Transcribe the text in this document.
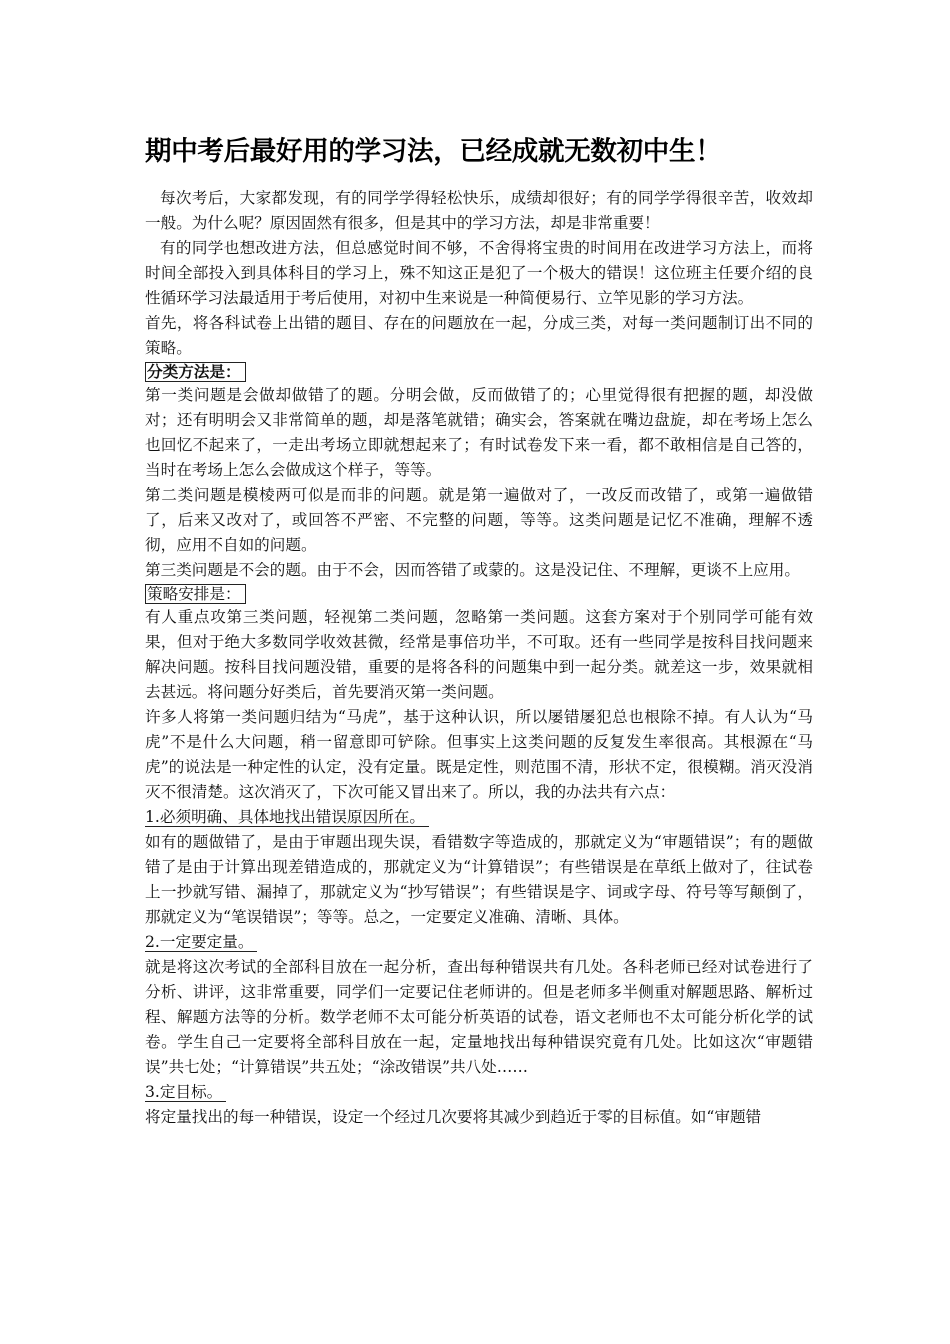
期中考后最好用的学习法，已经成就无数初中生！

每次考后，大家都发现，有的同学学得轻松快乐，成绩却很好；有的同学学得很辛苦，收效却一般。为什么呢？原因固然有很多，但是其中的学习方法，却是非常重要！

有的同学也想改进方法，但总感觉时间不够，不舍得将宝贵的时间用在改进学习方法上，而将时间全部投入到具体科目的学习上，殊不知这正是犯了一个极大的错误！这位班主任要介绍的良性循环学习法最适用于考后使用，对初中生来说是一种简便易行、立竿见影的学习方法。

首先，将各科试卷上出错的题目、存在的问题放在一起，分成三类，对每一类问题制订出不同的策略。

分类方法是：

第一类问题是会做却做错了的题。分明会做，反而做错了的；心里觉得很有把握的题，却没做对；还有明明会又非常简单的题，却是落笔就错；确实会，答案就在嘴边盘旋，却在考场上怎么也回忆不起来了，一走出考场立即就想起来了；有时试卷发下来一看，都不敢相信是自己答的，当时在考场上怎么会做成这个样子，等等。

第二类问题是模棱两可似是而非的问题。就是第一遍做对了，一改反而改错了，或第一遍做错了，后来又改对了，或回答不严密、不完整的问题，等等。这类问题是记忆不准确，理解不透彻，应用不自如的问题。

第三类问题是不会的题。由于不会，因而答错了或蒙的。这是没记住、不理解，更谈不上应用。

策略安排是：

有人重点攻第三类问题，轻视第二类问题，忽略第一类问题。这套方案对于个别同学可能有效果，但对于绝大多数同学收效甚微，经常是事倍功半，不可取。还有一些同学是按科目找问题来解决问题。按科目找问题没错，重要的是将各科的问题集中到一起分类。就差这一步，效果就相去甚远。将问题分好类后，首先要消灭第一类问题。

许多人将第一类问题归结为“马虎”，基于这种认识，所以屡错屡犯总也根除不掉。有人认为“马虎”不是什么大问题，稍一留意即可铲除。但事实上这类问题的反复发生率很高。其根源在“马虎”的说法是一种定性的认定，没有定量。既是定性，则范围不清，形状不定，很模糊。消灭没消灭不很清楚。这次消灭了，下次可能又冒出来了。所以，我的办法共有六点：

1.必须明确、具体地找出错误原因所在。

如有的题做错了，是由于审题出现失误，看错数字等造成的，那就定义为“审题错误”；有的题做错了是由于计算出现差错造成的，那就定义为“计算错误”；有些错误是在草纸上做对了，往试卷上一抄就写错、漏掉了，那就定义为“抄写错误”；有些错误是字、词或字母、符号等写颠倒了，那就定义为“笔误错误”；等等。总之，一定要定义准确、清晰、具体。

2.一定要定量。

就是将这次考试的全部科目放在一起分析，查出每种错误共有几处。各科老师已经对试卷进行了分析、讲评，这非常重要，同学们一定要记住老师讲的。但是老师多半侧重对解题思路、解析过程、解题方法等的分析。数学老师不太可能分析英语的试卷，语文老师也不太可能分析化学的试卷。学生自己一定要将全部科目放在一起，定量地找出每种错误究竟有几处。比如这次“审题错误”共七处；“计算错误”共五处；“涂改错误”共八处……

3.定目标。

将定量找出的每一种错误，设定一个经过几次要将其减少到趋近于零的目标值。如“审题错
